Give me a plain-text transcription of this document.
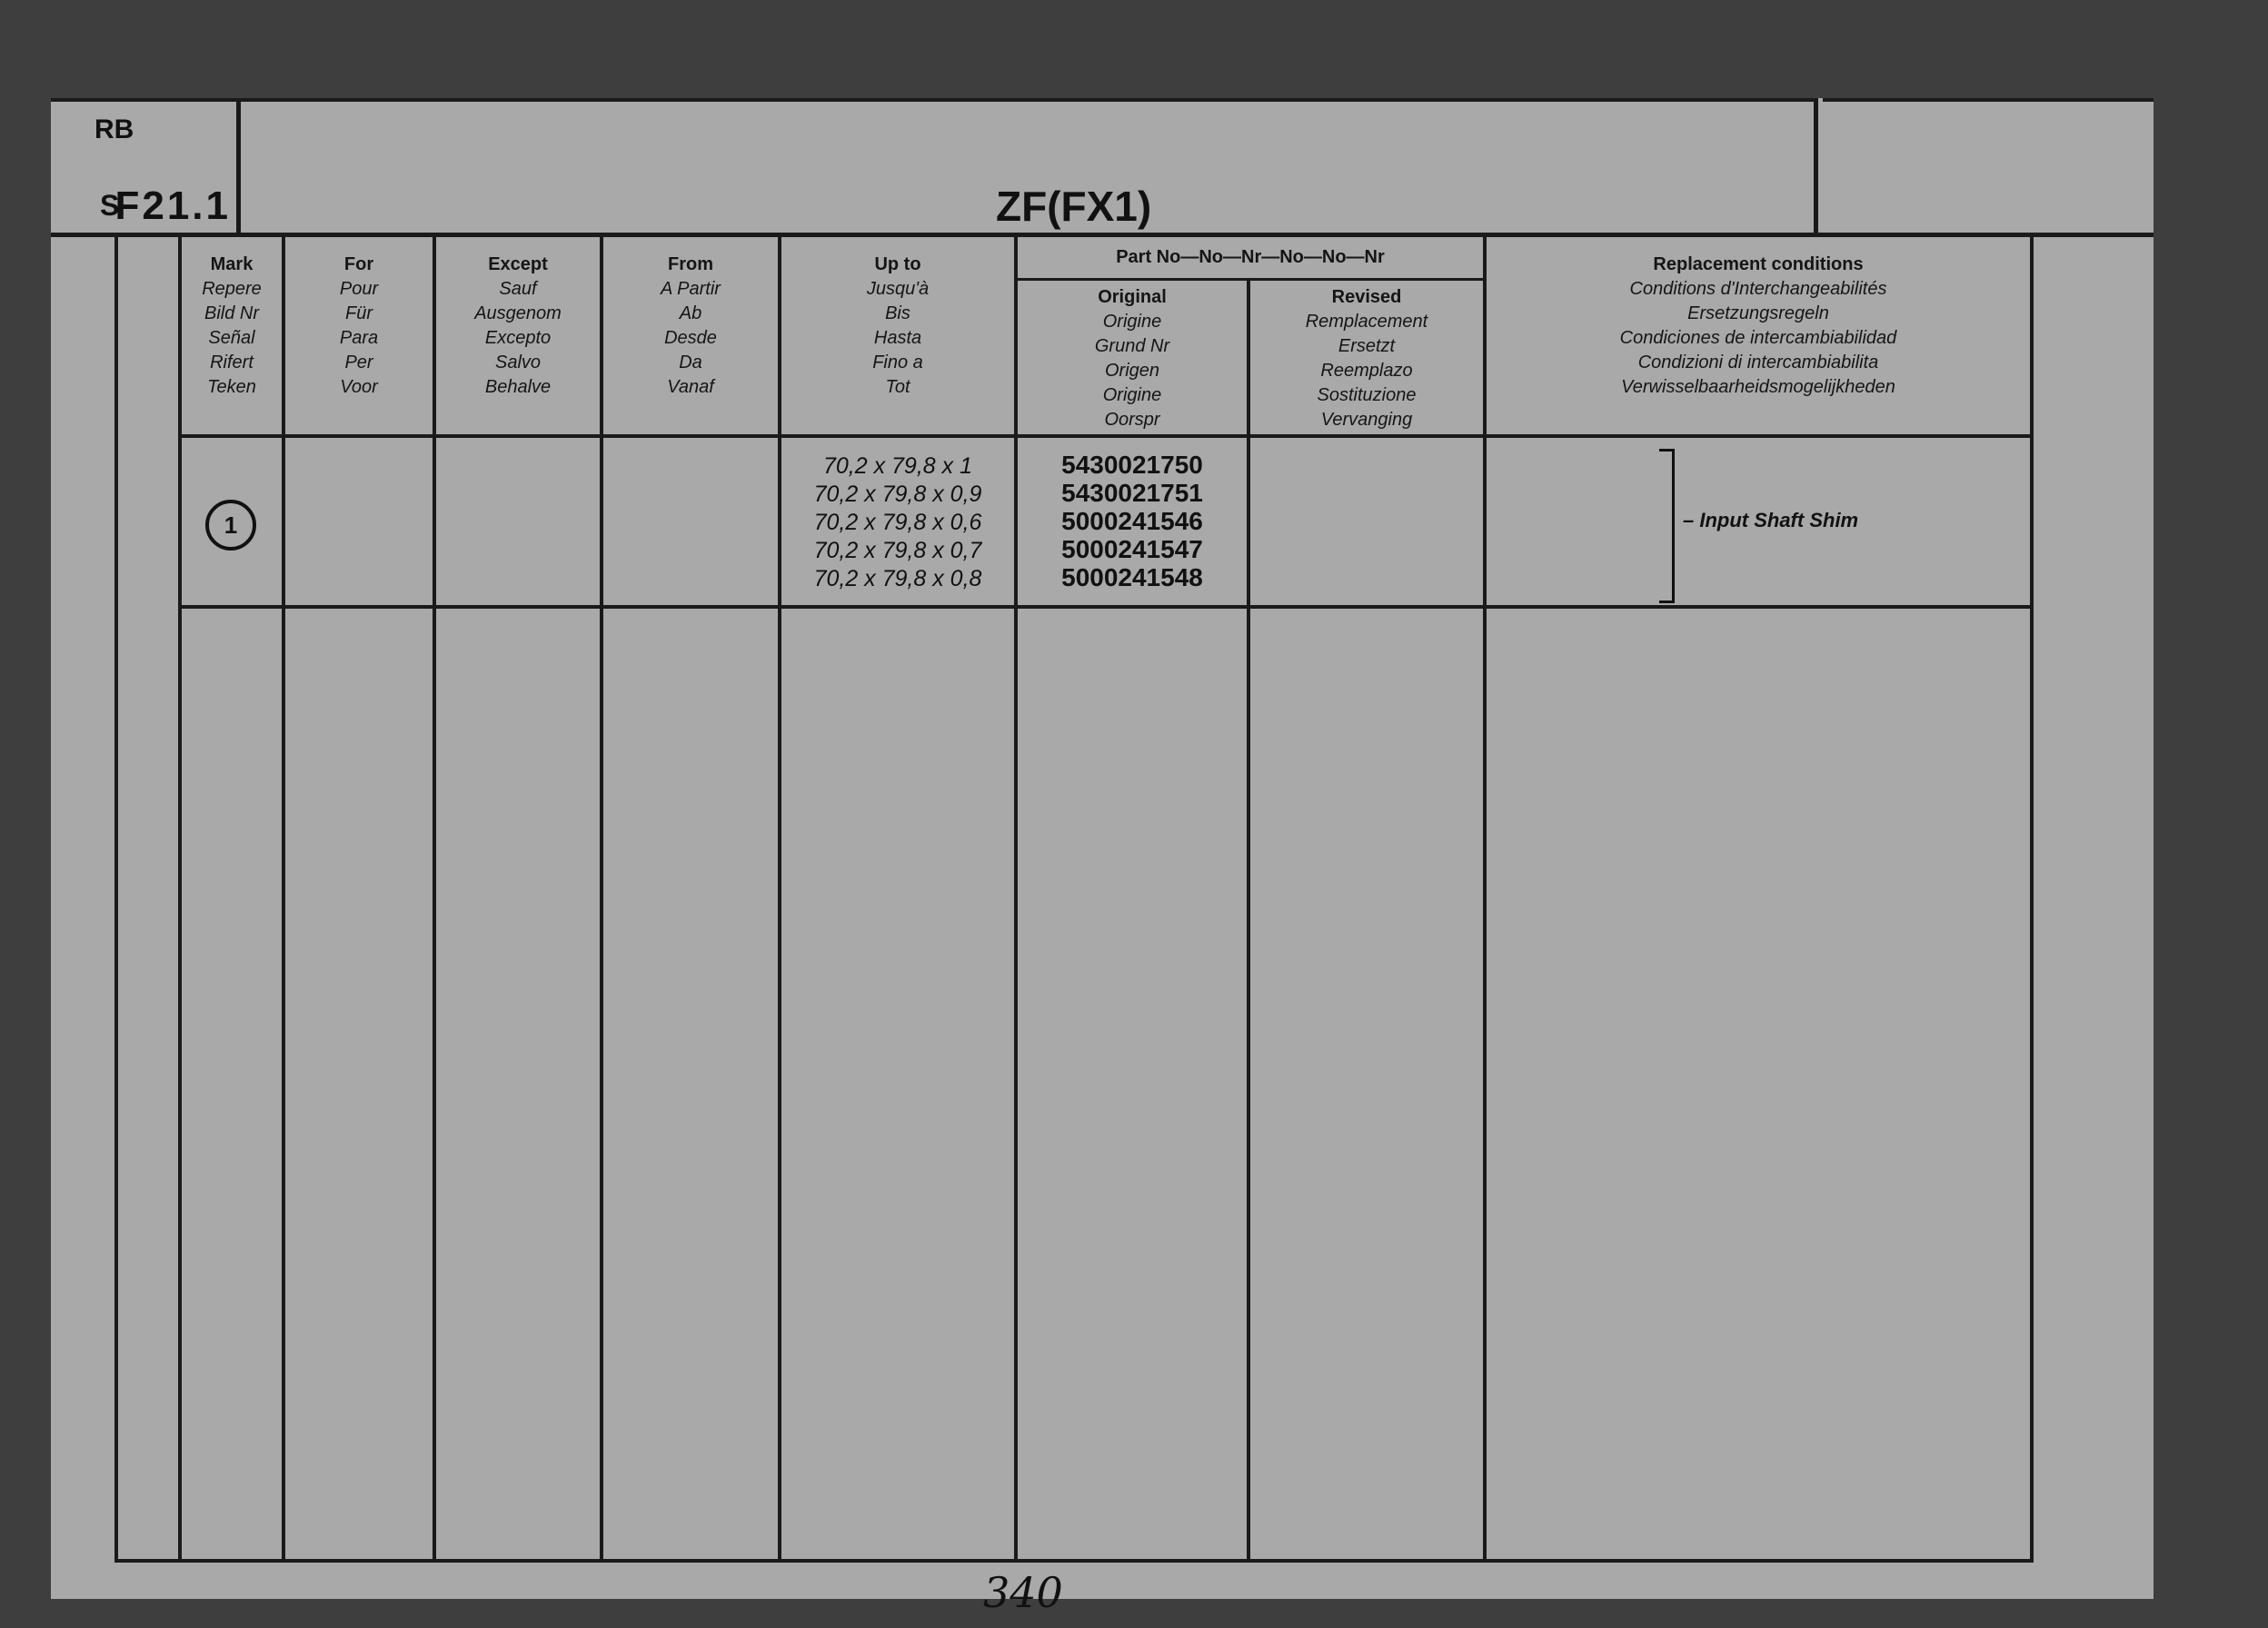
RB
S
F21.1	ZF(FX1)
Mark
Repere
Bild Nr
Señal
Rifert
Teken
For
Pour
Für
Para
Per
Voor
Except
Sauf
Ausgenom
Excepto
Salvo
Behalve
From
A Partir
Ab
Desde
Da
Vanaf
Up to
Jusqu'à
Bis
Hasta
Fino a
Tot
Part No—No—Nr—No—No—Nr
Original
Origine
Grund Nr
Origen
Origine
Oorspr
Revised
Remplacement
Ersetzt
Reemplazo
Sostituzione
Vervanging
Replacement conditions
Conditions d'Interchangeabilités
Ersetzungsregeln
Condiciones de intercambiabilidad
Condizioni di intercambiabilita
Verwisselbaarheidsmogelijkheden
1
70,2 x 79,8 x 1
70,2 x 79,8 x 0,9
70,2 x 79,8 x 0,6
70,2 x 79,8 x 0,7
70,2 x 79,8 x 0,8
5430021750
5430021751
5000241546
5000241547
5000241548
– Input Shaft Shim
340
